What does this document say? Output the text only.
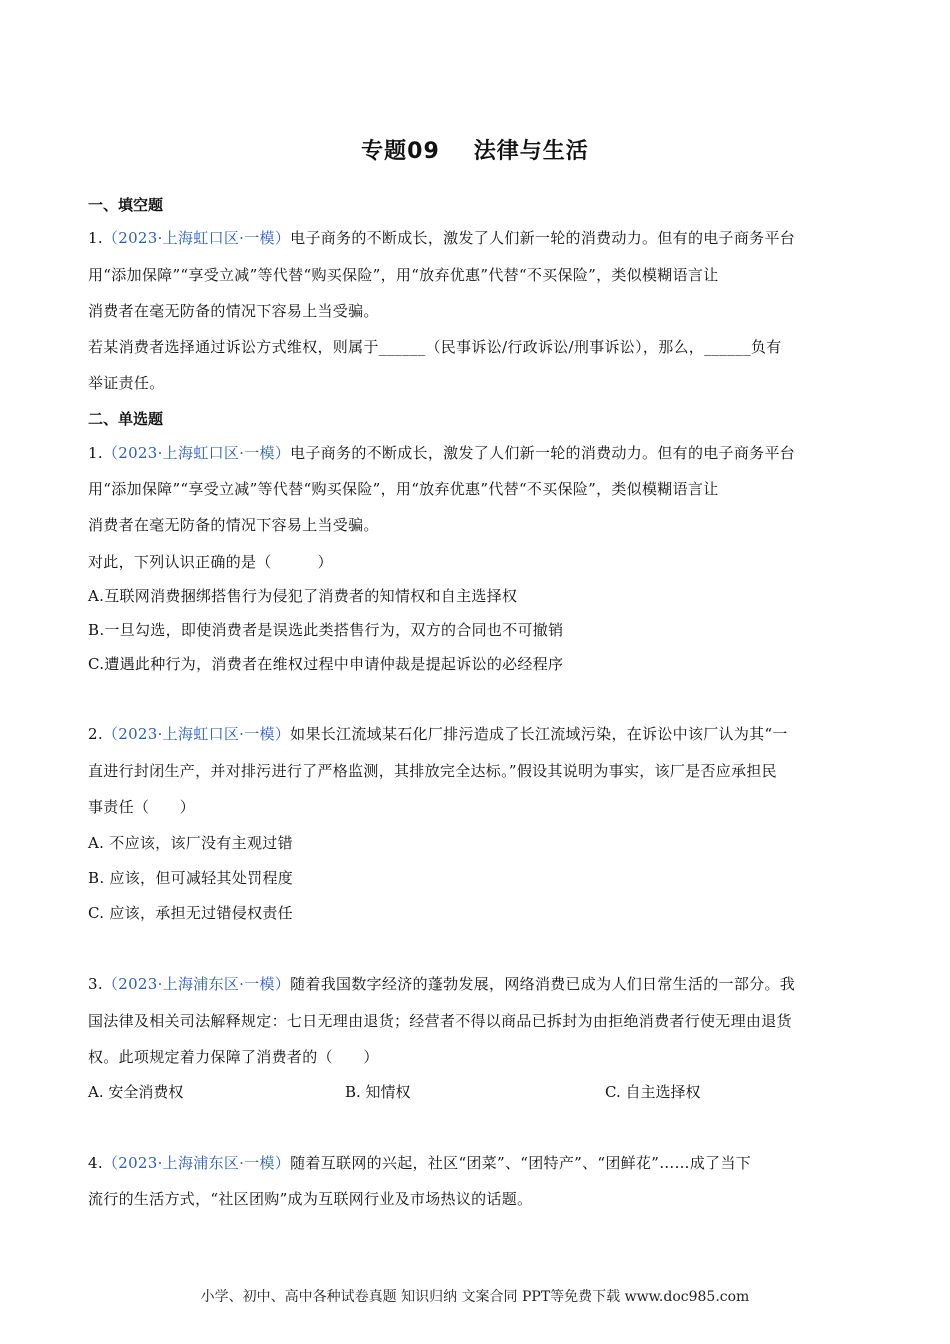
专题09 法律与生活
一、填空题
1.（2023·上海虹口区·一模）电子商务的不断成长，激发了人们新一轮的消费动力。但有的电子商务平台
用“添加保障”“享受立减”等代替“购买保险”，用“放弃优惠”代替“不买保险”，类似模糊语言让
消费者在毫无防备的情况下容易上当受骗。
若某消费者选择通过诉讼方式维权，则属于______（民事诉讼/行政诉讼/刑事诉讼），那么，______负有
举证责任。
二、单选题
1.（2023·上海虹口区·一模）电子商务的不断成长，激发了人们新一轮的消费动力。但有的电子商务平台
用“添加保障”“享受立减”等代替“购买保险”，用“放弃优惠”代替“不买保险”，类似模糊语言让
消费者在毫无防备的情况下容易上当受骗。
对此，下列认识正确的是（　　　）
A.互联网消费捆绑搭售行为侵犯了消费者的知情权和自主选择权
B.一旦勾选，即使消费者是误选此类搭售行为，双方的合同也不可撤销
C.遭遇此种行为，消费者在维权过程中申请仲裁是提起诉讼的必经程序
2.（2023·上海虹口区·一模）如果长江流域某石化厂排污造成了长江流域污染，在诉讼中该厂认为其“一
直进行封闭生产，并对排污进行了严格监测，其排放完全达标。”假设其说明为事实，该厂是否应承担民
事责任（　　）
A. 不应该，该厂没有主观过错
B. 应该，但可减轻其处罚程度
C. 应该，承担无过错侵权责任
3.（2023·上海浦东区·一模）随着我国数字经济的蓬勃发展，网络消费已成为人们日常生活的一部分。我
国法律及相关司法解释规定：七日无理由退货；经营者不得以商品已拆封为由拒绝消费者行使无理由退货
权。此项规定着力保障了消费者的（　　）
A. 安全消费权	B. 知情权	C. 自主选择权
4.（2023·上海浦东区·一模）随着互联网的兴起，社区“团菜”、“团特产”、“团鲜花”……成了当下
流行的生活方式，“社区团购”成为互联网行业及市场热议的话题。
小学、初中、高中各种试卷真题 知识归纳 文案合同 PPT等免费下载 www.doc985.com
